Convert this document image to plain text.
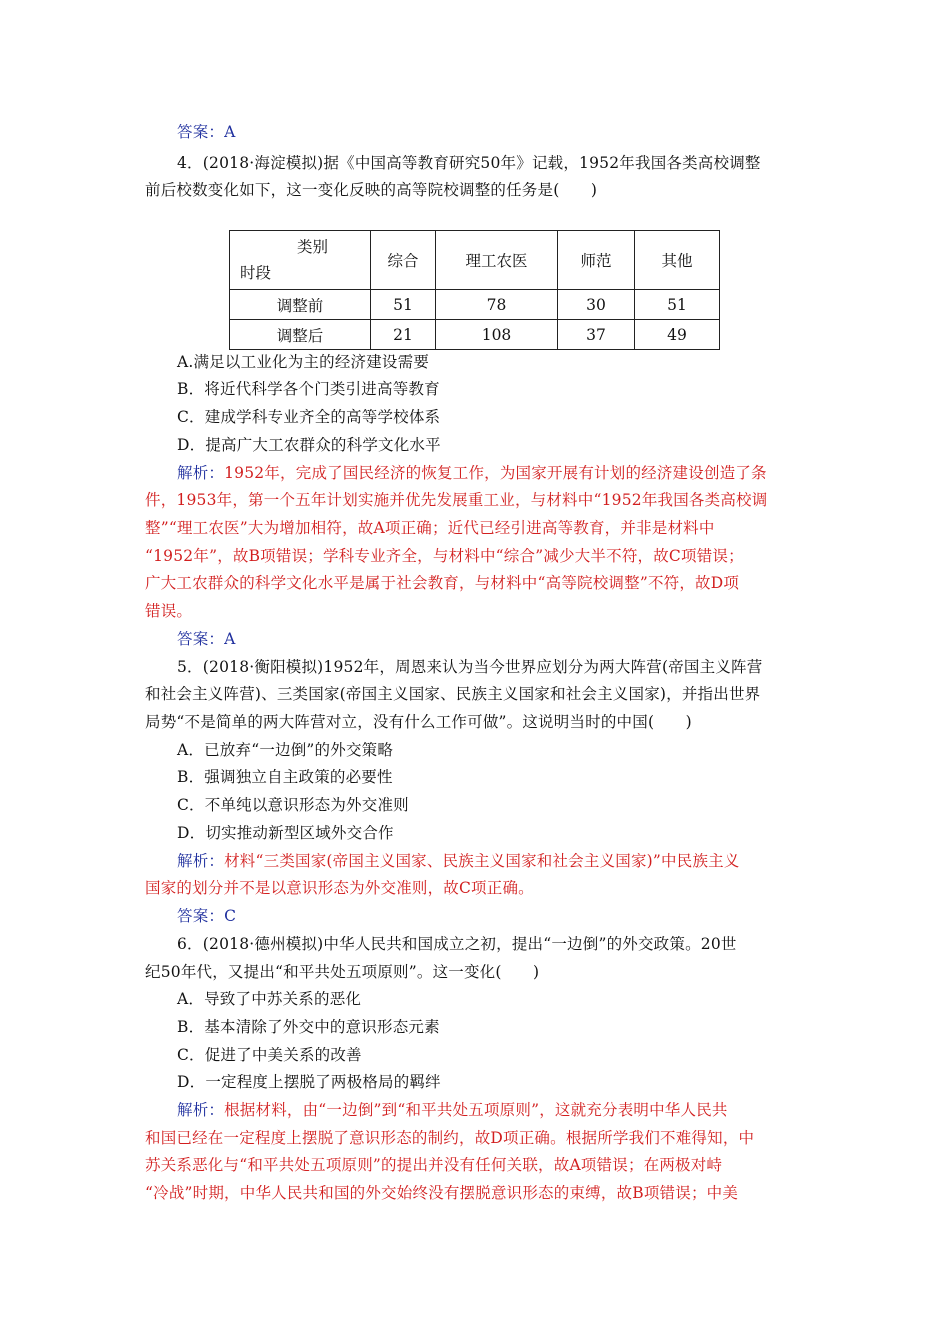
答案：A
4．(2018·海淀模拟)据《中国高等教育研究50年》记载，1952年我国各类高校调整
前后校数变化如下，这一变化反映的高等院校调整的任务是(　　)
类别
时段	综合	理工农医	师范	其他
调整前	51	78	30	51
调整后	21	108	37	49
A.满足以工业化为主的经济建设需要
B．将近代科学各个门类引进高等教育
C．建成学科专业齐全的高等学校体系
D．提高广大工农群众的科学文化水平
解析：1952年，完成了国民经济的恢复工作，为国家开展有计划的经济建设创造了条
件，1953年，第一个五年计划实施并优先发展重工业，与材料中“1952年我国各类高校调
整”“理工农医”大为增加相符，故A项正确；近代已经引进高等教育，并非是材料中
“1952年”，故B项错误；学科专业齐全，与材料中“综合”减少大半不符，故C项错误；
广大工农群众的科学文化水平是属于社会教育，与材料中“高等院校调整”不符，故D项
错误。
答案：A
5．(2018·衡阳模拟)1952年，周恩来认为当今世界应划分为两大阵营(帝国主义阵营
和社会主义阵营)、三类国家(帝国主义国家、民族主义国家和社会主义国家)，并指出世界
局势“不是简单的两大阵营对立，没有什么工作可做”。这说明当时的中国(　　)
A．已放弃“一边倒”的外交策略
B．强调独立自主政策的必要性
C．不单纯以意识形态为外交准则
D．切实推动新型区域外交合作
解析：材料“三类国家(帝国主义国家、民族主义国家和社会主义国家)”中民族主义
国家的划分并不是以意识形态为外交准则，故C项正确。
答案：C
6．(2018·德州模拟)中华人民共和国成立之初，提出“一边倒”的外交政策。20世
纪50年代，又提出“和平共处五项原则”。这一变化(　　)
A．导致了中苏关系的恶化
B．基本清除了外交中的意识形态元素
C．促进了中美关系的改善
D．一定程度上摆脱了两极格局的羁绊
解析：根据材料，由“一边倒”到“和平共处五项原则”，这就充分表明中华人民共
和国已经在一定程度上摆脱了意识形态的制约，故D项正确。根据所学我们不难得知，中
苏关系恶化与“和平共处五项原则”的提出并没有任何关联，故A项错误；在两极对峙
“冷战”时期，中华人民共和国的外交始终没有摆脱意识形态的束缚，故B项错误；中美
